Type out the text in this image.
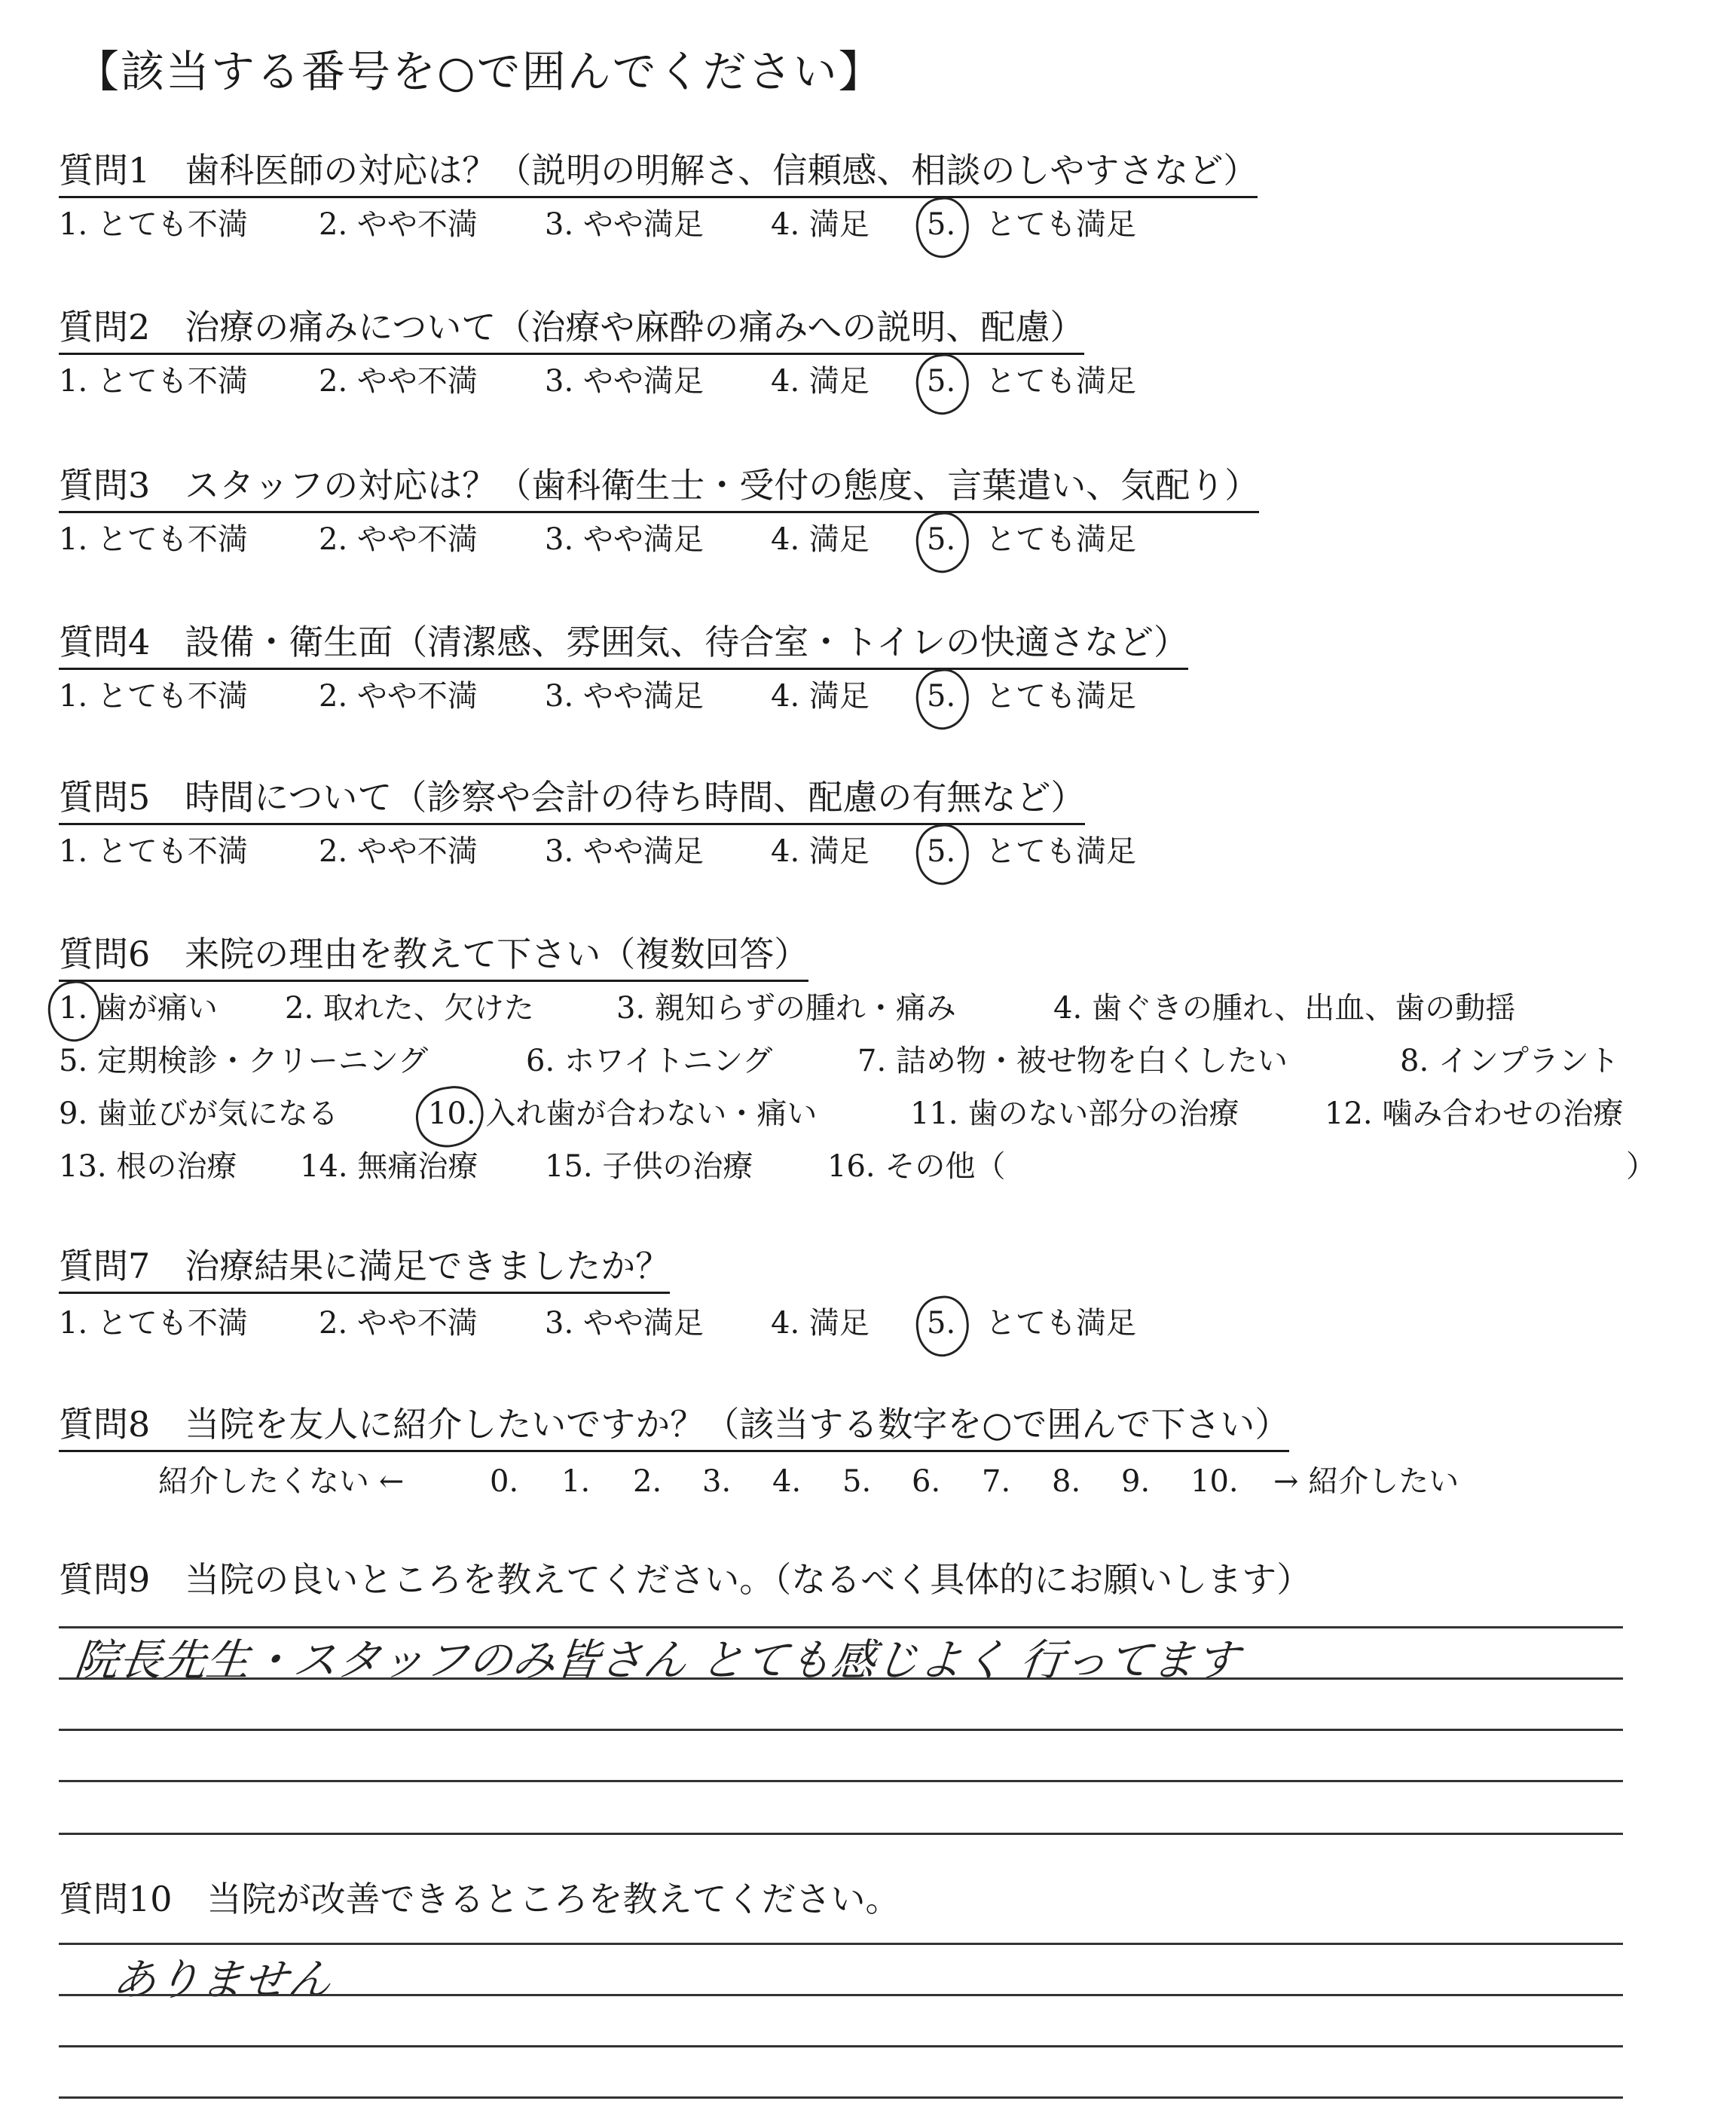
【該当する番号を○で囲んでください】
質問1　歯科医師の対応は？（説明の明解さ、信頼感、相談のしやすさなど）
1. とても不満 2. やや不満 3. やや満足 4. 満足 5. とても満足
質問2　治療の痛みについて（治療や麻酔の痛みへの説明、配慮）
1. とても不満 2. やや不満 3. やや満足 4. 満足 5. とても満足
質問3　スタッフの対応は？（歯科衛生士・受付の態度、言葉遣い、気配り）
1. とても不満 2. やや不満 3. やや満足 4. 満足 5. とても満足
質問4　設備・衛生面（清潔感、雰囲気、待合室・トイレの快適さなど）
1. とても不満 2. やや不満 3. やや満足 4. 満足 5. とても満足
質問5　時間について（診察や会計の待ち時間、配慮の有無など）
1. とても不満 2. やや不満 3. やや満足 4. 満足 5. とても満足
質問6　来院の理由を教えて下さい（複数回答）
1. 歯が痛い 2. 取れた、欠けた	3. 親知らずの腫れ・痛み	4. 歯ぐきの腫れ、出血、歯の動揺
5. 定期検診・クリーニング	6. ホワイトニング	7. 詰め物・被せ物を白くしたい	8. インプラント
9. 歯並びが気になる	10. 入れ歯が合わない・痛い	11. 歯のない部分の治療	12. 噛み合わせの治療
13. 根の治療 14. 無痛治療 15. 子供の治療 16. その他（	）
質問7　治療結果に満足できましたか？
1. とても不満 2. やや不満 3. やや満足 4. 満足 5. とても満足
質問8　当院を友人に紹介したいですか？（該当する数字を○で囲んで下さい）
紹介したくない ←	0. 1. 2. 3. 4. 5. 6. 7. 8. 9. 10. → 紹介したい
質問9　当院の良いところを教えてください。（なるべく具体的にお願いします）
院長先生・スタッフのみ皆さん とても感じよく 行ってます
質問10　当院が改善できるところを教えてください。
ありません
